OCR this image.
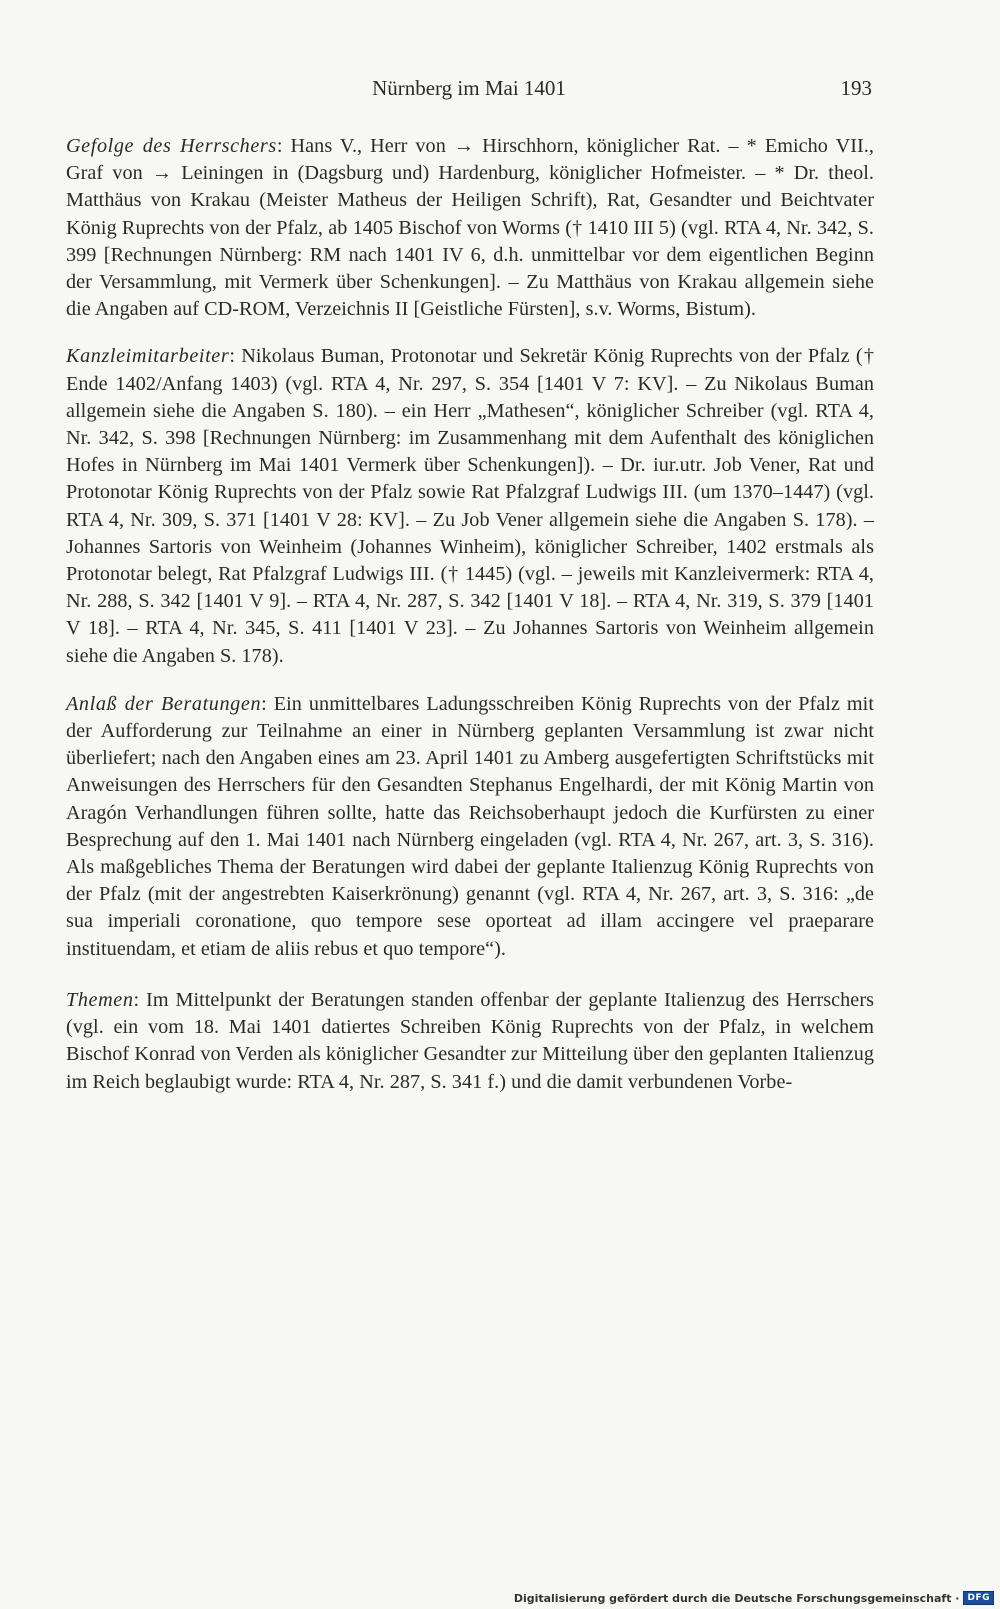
Nürnberg im Mai 1401	193

Gefolge des Herrschers: Hans V., Herr von → Hirschhorn, königlicher Rat. – * Emicho VII., Graf von → Leiningen in (Dagsburg und) Hardenburg, königlicher Hofmeister. – * Dr. theol. Matthäus von Krakau (Meister Matheus der Heiligen Schrift), Rat, Gesandter und Beichtvater König Ruprechts von der Pfalz, ab 1405 Bischof von Worms († 1410 III 5) (vgl. RTA 4, Nr. 342, S. 399 [Rechnungen Nürnberg: RM nach 1401 IV 6, d.h. unmittelbar vor dem eigentlichen Beginn der Versammlung, mit Vermerk über Schenkungen]. – Zu Matthäus von Krakau allgemein siehe die Angaben auf CD-ROM, Verzeichnis II [Geistliche Fürsten], s.v. Worms, Bistum).

Kanzleimitarbeiter: Nikolaus Buman, Protonotar und Sekretär König Ruprechts von der Pfalz († Ende 1402/Anfang 1403) (vgl. RTA 4, Nr. 297, S. 354 [1401 V 7: KV]. – Zu Nikolaus Buman allgemein siehe die Angaben S. 180). – ein Herr „Mathesen“, königlicher Schreiber (vgl. RTA 4, Nr. 342, S. 398 [Rechnungen Nürnberg: im Zusammenhang mit dem Aufenthalt des königlichen Hofes in Nürnberg im Mai 1401 Vermerk über Schenkungen]). – Dr. iur.utr. Job Vener, Rat und Protonotar König Ruprechts von der Pfalz sowie Rat Pfalzgraf Ludwigs III. (um 1370–1447) (vgl. RTA 4, Nr. 309, S. 371 [1401 V 28: KV]. – Zu Job Vener allgemein siehe die Angaben S. 178). – Johannes Sartoris von Weinheim (Johannes Winheim), königlicher Schreiber, 1402 erstmals als Protonotar belegt, Rat Pfalzgraf Ludwigs III. († 1445) (vgl. – jeweils mit Kanzleivermerk: RTA 4, Nr. 288, S. 342 [1401 V 9]. – RTA 4, Nr. 287, S. 342 [1401 V 18]. – RTA 4, Nr. 319, S. 379 [1401 V 18]. – RTA 4, Nr. 345, S. 411 [1401 V 23]. – Zu Johannes Sartoris von Weinheim allgemein siehe die Angaben S. 178).

Anlaß der Beratungen: Ein unmittelbares Ladungsschreiben König Ruprechts von der Pfalz mit der Aufforderung zur Teilnahme an einer in Nürnberg geplanten Versammlung ist zwar nicht überliefert; nach den Angaben eines am 23. April 1401 zu Amberg ausgefertigten Schriftstücks mit Anweisungen des Herrschers für den Gesandten Stephanus Engelhardi, der mit König Martin von Aragón Verhandlungen führen sollte, hatte das Reichsoberhaupt jedoch die Kurfürsten zu einer Besprechung auf den 1. Mai 1401 nach Nürnberg eingeladen (vgl. RTA 4, Nr. 267, art. 3, S. 316). Als maßgebliches Thema der Beratungen wird dabei der geplante Italienzug König Ruprechts von der Pfalz (mit der angestrebten Kaiserkrönung) genannt (vgl. RTA 4, Nr. 267, art. 3, S. 316: „de sua imperiali coronatione, quo tempore sese oporteat ad illam accingere vel praeparare instituendam, et etiam de aliis rebus et quo tempore“).

Themen: Im Mittelpunkt der Beratungen standen offenbar der geplante Italienzug des Herrschers (vgl. ein vom 18. Mai 1401 datiertes Schreiben König Ruprechts von der Pfalz, in welchem Bischof Konrad von Verden als königlicher Gesandter zur Mitteilung über den geplanten Italienzug im Reich beglaubigt wurde: RTA 4, Nr. 287, S. 341 f.) und die damit verbundenen Vorbe-

Digitalisierung gefördert durch die Deutsche Forschungsgemeinschaft · DFG
